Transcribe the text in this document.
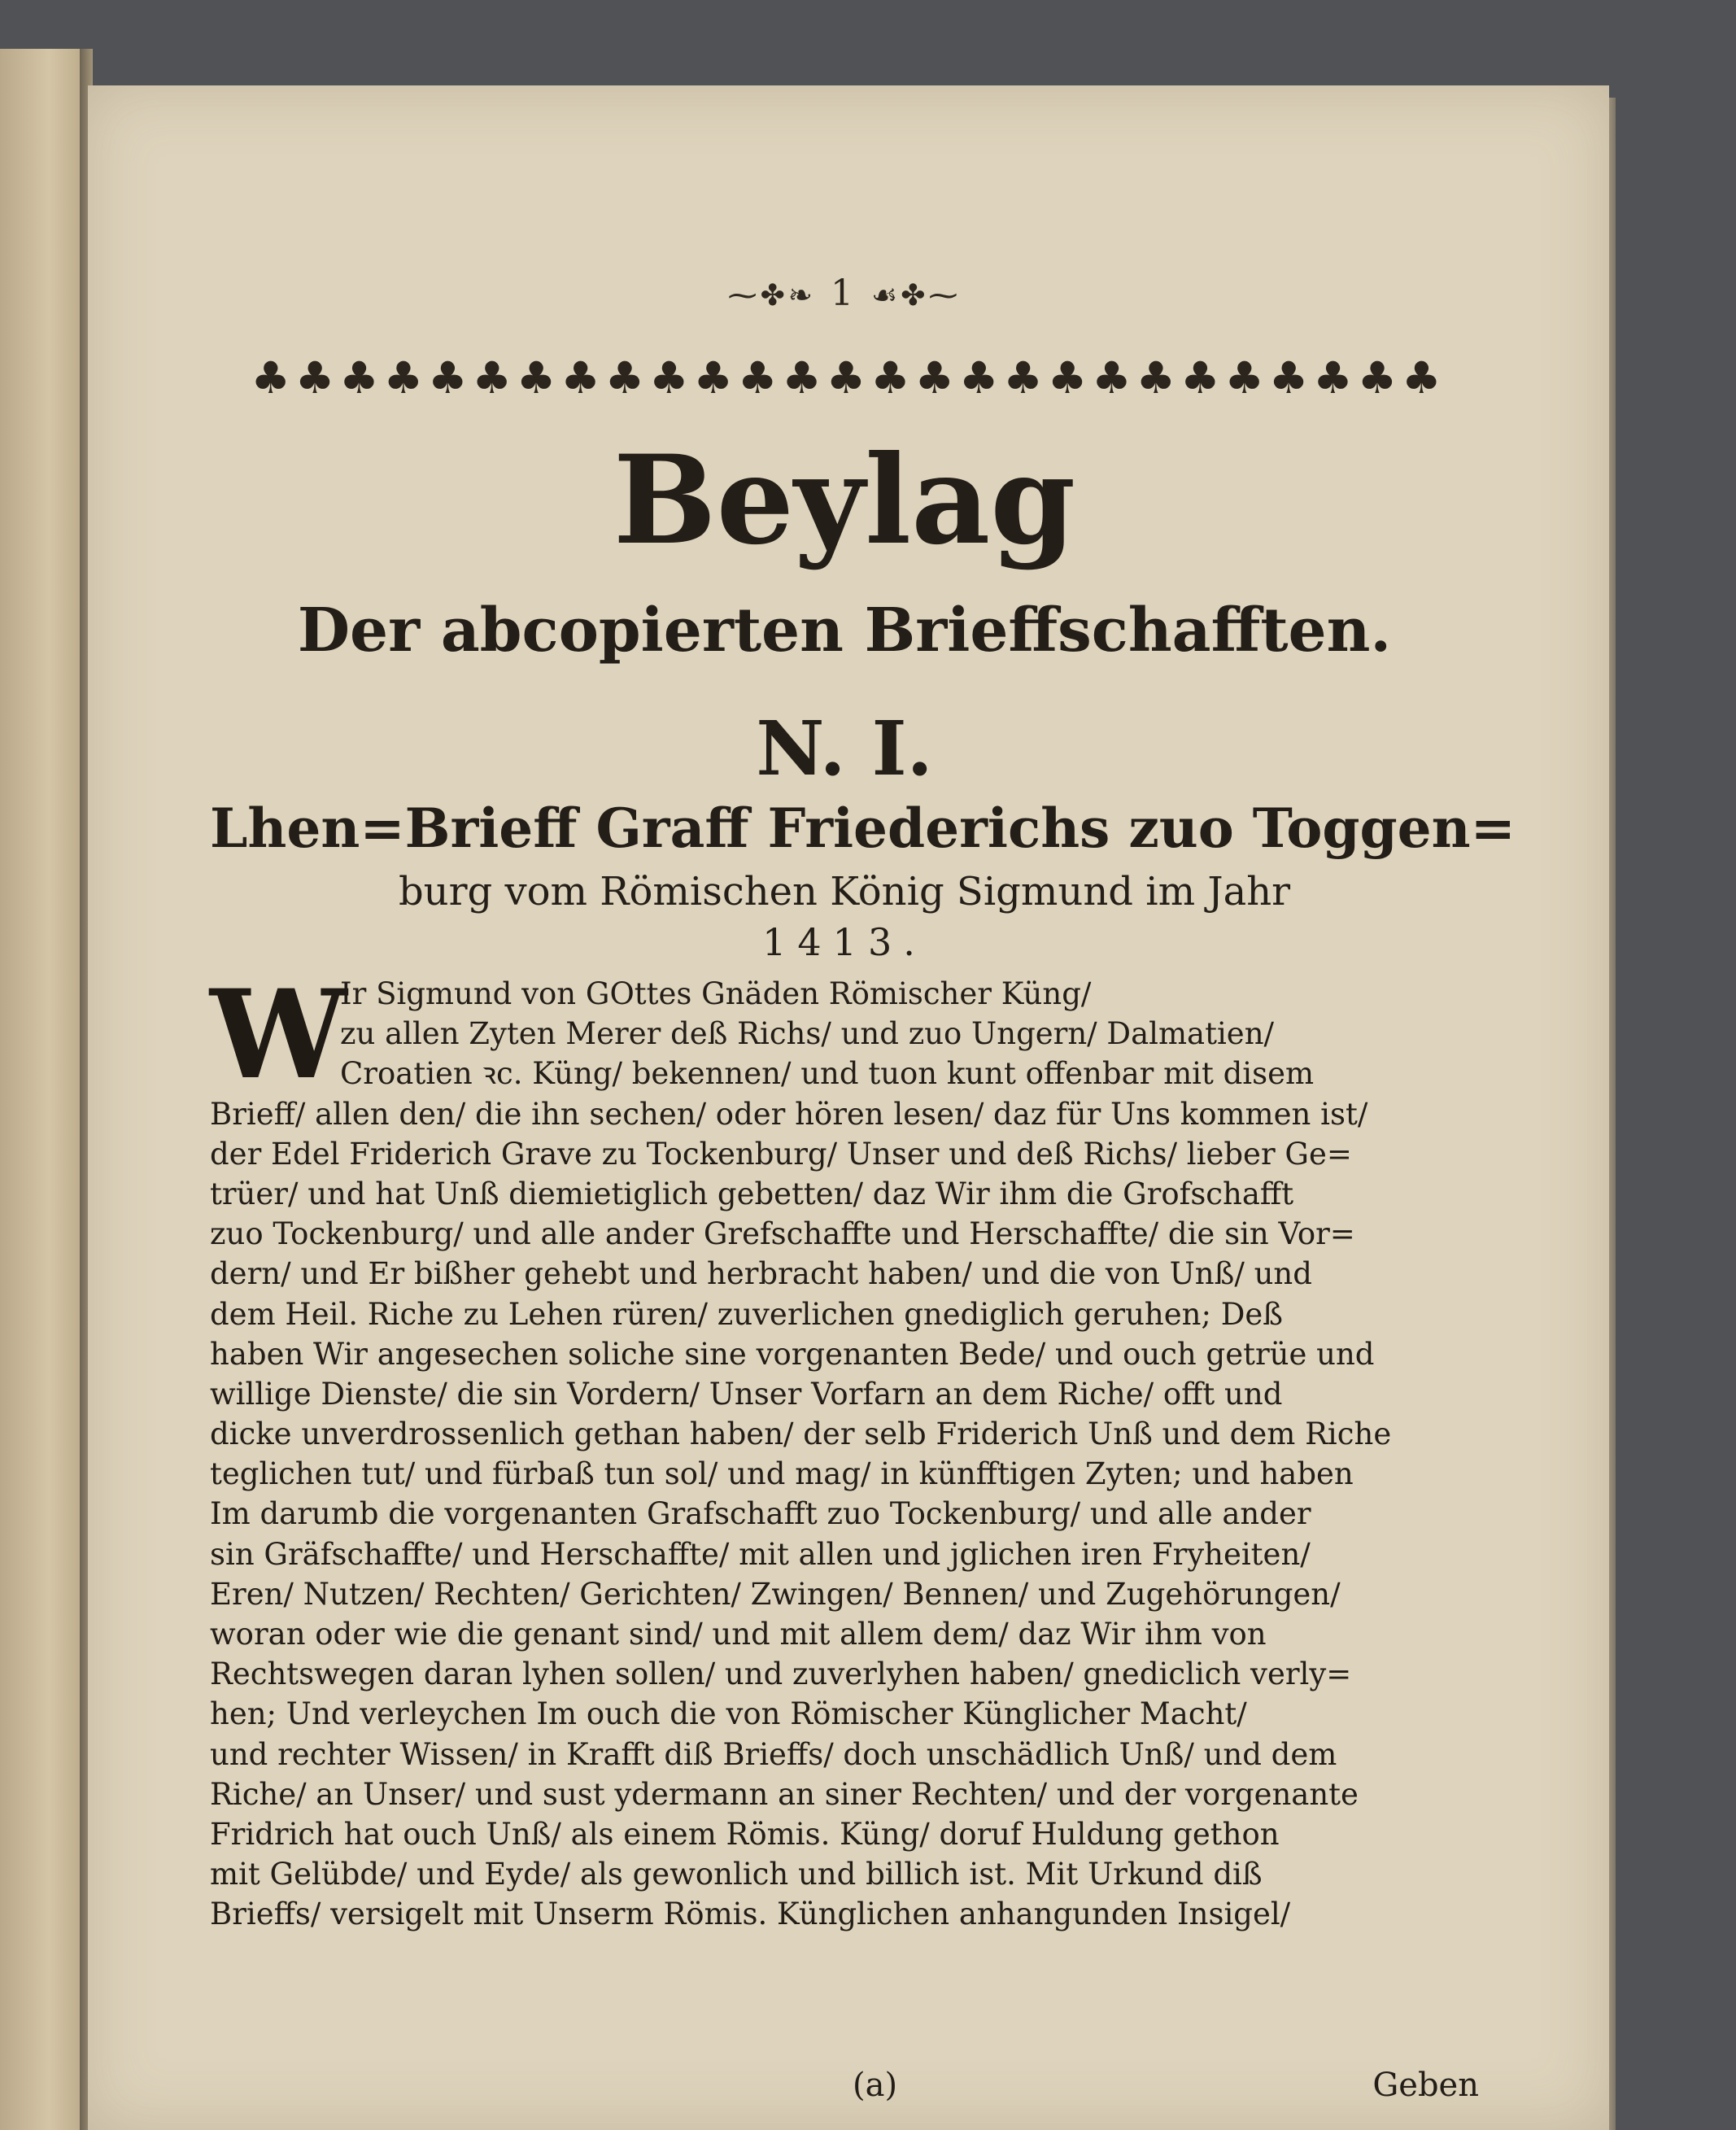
⁓✤❧ 1 ☙✤⁓
♣♣♣♣♣♣♣♣♣♣♣♣♣♣♣♣♣♣♣♣♣♣♣♣♣♣♣
Beylag
Der abcopierten Brieffschafften.
N. I.
Lhen=Brieff Graff Friederichs zuo Toggen=
burg vom Römischen König Sigmund im Jahr
1413.
W
Ir Sigmund von GOttes Gnäden Römischer Küng/
zu allen Zyten Merer deß Richs/ und zuo Ungern/ Dalmatien/
Croatien ꝛc. Küng/ bekennen/ und tuon kunt offenbar mit disem
Brieff/ allen den/ die ihn sechen/ oder hören lesen/ daz für Uns kommen ist/
der Edel Friderich Grave zu Tockenburg/ Unser und deß Richs/ lieber Ge=
trüer/ und hat Unß diemietiglich gebetten/ daz Wir ihm die Grofschafft
zuo Tockenburg/ und alle ander Grefschaffte und Herschaffte/ die sin Vor=
dern/ und Er bißher gehebt und herbracht haben/ und die von Unß/ und
dem Heil. Riche zu Lehen rüren/ zuverlichen gnediglich geruhen; Deß
haben Wir angesechen soliche sine vorgenanten Bede/ und ouch getrüe und
willige Dienste/ die sin Vordern/ Unser Vorfarn an dem Riche/ offt und
dicke unverdrossenlich gethan haben/ der selb Friderich Unß und dem Riche
teglichen tut/ und fürbaß tun sol/ und mag/ in künfftigen Zyten; und haben
Im darumb die vorgenanten Grafschafft zuo Tockenburg/ und alle ander
sin Gräfschaffte/ und Herschaffte/ mit allen und jglichen iren Fryheiten/
Eren/ Nutzen/ Rechten/ Gerichten/ Zwingen/ Bennen/ und Zugehörungen/
woran oder wie die genant sind/ und mit allem dem/ daz Wir ihm von
Rechtswegen daran lyhen sollen/ und zuverlyhen haben/ gnediclich verly=
hen; Und verleychen Im ouch die von Römischer Künglicher Macht/
und rechter Wissen/ in Krafft diß Brieffs/ doch unschädlich Unß/ und dem
Riche/ an Unser/ und sust ydermann an siner Rechten/ und der vorgenante
Fridrich hat ouch Unß/ als einem Römis. Küng/ doruf Huldung gethon
mit Gelübde/ und Eyde/ als gewonlich und billich ist. Mit Urkund diß
Brieffs/ versigelt mit Unserm Römis. Künglichen anhangunden Insigel/
(a)	Geben
